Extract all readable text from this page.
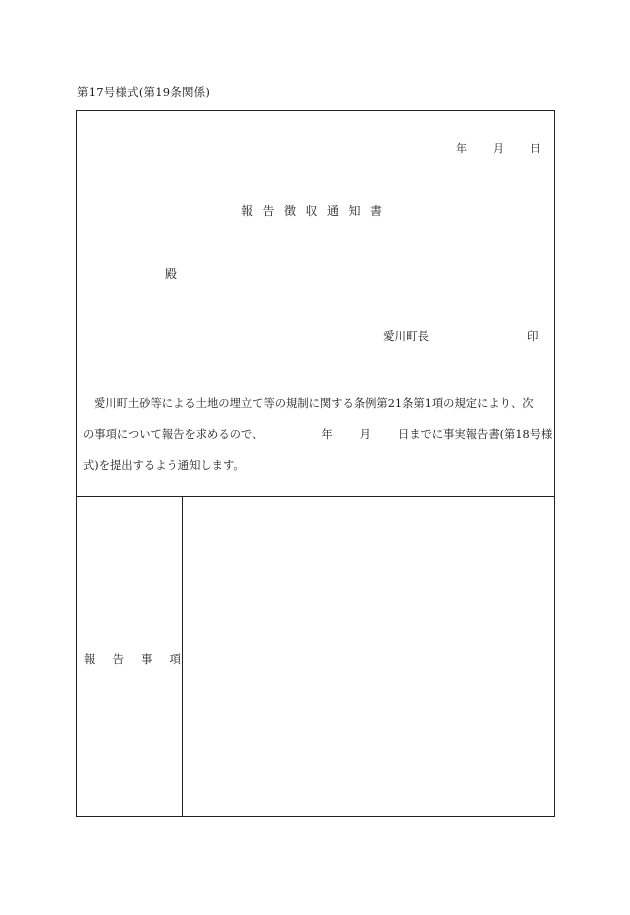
第17号様式(第19条関係)
年 月 日
報告徴収通知書
殿
愛川町長	印
愛川町土砂等による土地の埋立て等の規制に関する条例第21条第1項の規定により、次
の事項について報告を求めるので、	年 月 日までに事実報告書(第18号様
式)を提出するよう通知します。
報告事項
